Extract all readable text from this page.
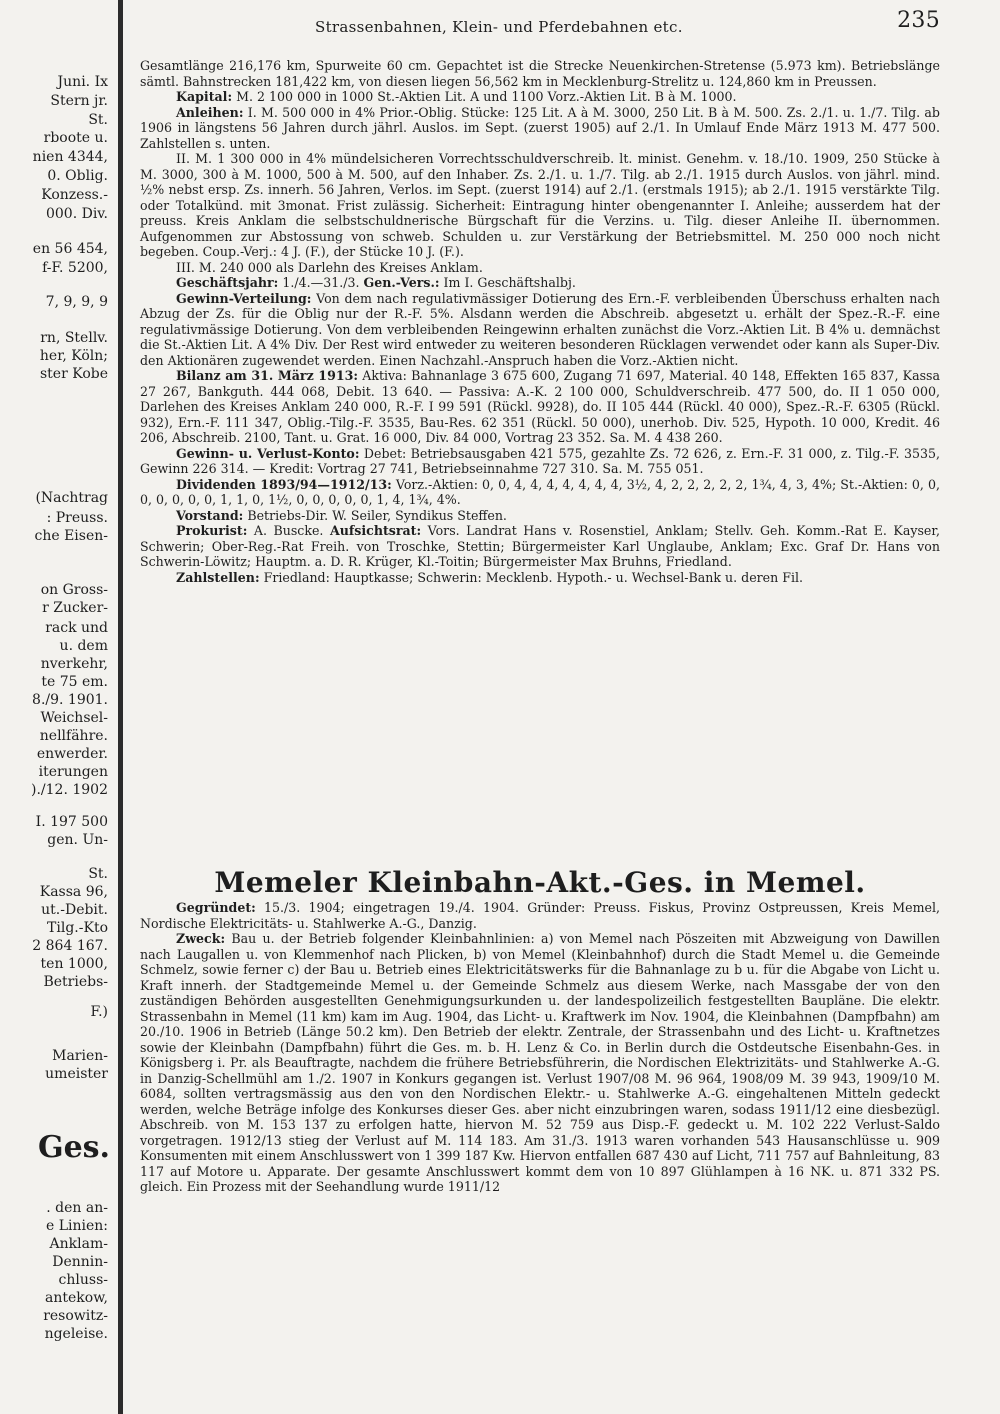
Juni. Ix
Stern jr.
St.
rboote u.
nien 4344,
0. Oblig.
Konzess.-
000. Div.
en 56 454,
f-F. 5200,
7, 9, 9, 9
rn, Stellv.
her, Köln;
ster Kobe
(Nachtrag
: Preuss.
che Eisen-
on Gross-
r Zucker-
rack und
u. dem
nverkehr,
te 75 em.
8./9. 1901.
Weichsel-
nellfähre.
enwerder.
iterungen
)./12. 1902
I. 197 500
gen. Un-
St.
Kassa 96,
ut.-Debit.
Tilg.-Kto
2 864 167.
ten 1000,
Betriebs-
F.)
Marien-
umeister
Ges.
. den an-
e Linien:
Anklam-
Dennin-
chluss-
antekow,
resowitz-
ngeleise.
Strassenbahnen, Klein- und Pferdebahnen etc.	235

Gesamtlänge 216,176 km, Spurweite 60 cm. Gepachtet ist die Strecke Neuenkirchen-Stretense (5.973 km). Betriebslänge sämtl. Bahnstrecken 181,422 km, von diesen liegen 56,562 km in Mecklenburg-Strelitz u. 124,860 km in Preussen.

Kapital: M. 2 100 000 in 1000 St.-Aktien Lit. A und 1100 Vorz.-Aktien Lit. B à M. 1000.

Anleihen: I. M. 500 000 in 4% Prior.-Oblig. Stücke: 125 Lit. A à M. 3000, 250 Lit. B à M. 500. Zs. 2./1. u. 1./7. Tilg. ab 1906 in längstens 56 Jahren durch jährl. Auslos. im Sept. (zuerst 1905) auf 2./1. In Umlauf Ende März 1913 M. 477 500. Zahlstellen s. unten.

II. M. 1 300 000 in 4% mündelsicheren Vorrechtsschuldverschreib. lt. minist. Genehm. v. 18./10. 1909, 250 Stücke à M. 3000, 300 à M. 1000, 500 à M. 500, auf den Inhaber. Zs. 2./1. u. 1./7. Tilg. ab 2./1. 1915 durch Auslos. von jährl. mind. ½% nebst ersp. Zs. innerh. 56 Jahren, Verlos. im Sept. (zuerst 1914) auf 2./1. (erstmals 1915); ab 2./1. 1915 verstärkte Tilg. oder Totalkünd. mit 3monat. Frist zulässig. Sicherheit: Eintragung hinter obengenannter I. Anleihe; ausserdem hat der preuss. Kreis Anklam die selbstschuldnerische Bürgschaft für die Verzins. u. Tilg. dieser Anleihe II. übernommen. Aufgenommen zur Abstossung von schweb. Schulden u. zur Verstärkung der Betriebsmittel. M. 250 000 noch nicht begeben. Coup.-Verj.: 4 J. (F.), der Stücke 10 J. (F.).

III. M. 240 000 als Darlehn des Kreises Anklam.

Geschäftsjahr: 1./4.—31./3. Gen.-Vers.: Im I. Geschäftshalbj.

Gewinn-Verteilung: Von dem nach regulativmässiger Dotierung des Ern.-F. verbleibenden Überschuss erhalten nach Abzug der Zs. für die Oblig nur der R.-F. 5%. Alsdann werden die Abschreib. abgesetzt u. erhält der Spez.-R.-F. eine regulativmässige Dotierung. Von dem verbleibenden Reingewinn erhalten zunächst die Vorz.-Aktien Lit. B 4% u. demnächst die St.-Aktien Lit. A 4% Div. Der Rest wird entweder zu weiteren besonderen Rücklagen verwendet oder kann als Super-Div. den Aktionären zugewendet werden. Einen Nachzahl.-Anspruch haben die Vorz.-Aktien nicht.

Bilanz am 31. März 1913: Aktiva: Bahnanlage 3 675 600, Zugang 71 697, Material. 40 148, Effekten 165 837, Kassa 27 267, Bankguth. 444 068, Debit. 13 640. — Passiva: A.-K. 2 100 000, Schuldverschreib. 477 500, do. II 1 050 000, Darlehen des Kreises Anklam 240 000, R.-F. I 99 591 (Rückl. 9928), do. II 105 444 (Rückl. 40 000), Spez.-R.-F. 6305 (Rückl. 932), Ern.-F. 111 347, Oblig.-Tilg.-F. 3535, Bau-Res. 62 351 (Rückl. 50 000), unerhob. Div. 525, Hypoth. 10 000, Kredit. 46 206, Abschreib. 2100, Tant. u. Grat. 16 000, Div. 84 000, Vortrag 23 352. Sa. M. 4 438 260.

Gewinn- u. Verlust-Konto: Debet: Betriebsausgaben 421 575, gezahlte Zs. 72 626, z. Ern.-F. 31 000, z. Tilg.-F. 3535, Gewinn 226 314. — Kredit: Vortrag 27 741, Betriebseinnahme 727 310. Sa. M. 755 051.

Dividenden 1893/94—1912/13: Vorz.-Aktien: 0, 0, 4, 4, 4, 4, 4, 4, 4, 3½, 4, 2, 2, 2, 2, 2, 1¾, 4, 3, 4%; St.-Aktien: 0, 0, 0, 0, 0, 0, 0, 1, 1, 0, 1½, 0, 0, 0, 0, 0, 1, 4, 1¾, 4%.

Vorstand: Betriebs-Dir. W. Seiler, Syndikus Steffen.

Prokurist: A. Buscke. Aufsichtsrat: Vors. Landrat Hans v. Rosenstiel, Anklam; Stellv. Geh. Komm.-Rat E. Kayser, Schwerin; Ober-Reg.-Rat Freih. von Troschke, Stettin; Bürgermeister Karl Unglaube, Anklam; Exc. Graf Dr. Hans von Schwerin-Löwitz; Hauptm. a. D. R. Krüger, Kl.-Toitin; Bürgermeister Max Bruhns, Friedland.

Zahlstellen: Friedland: Hauptkasse; Schwerin: Mecklenb. Hypoth.- u. Wechsel-Bank u. deren Fil.

Memeler Kleinbahn-Akt.-Ges. in Memel.

Gegründet: 15./3. 1904; eingetragen 19./4. 1904. Gründer: Preuss. Fiskus, Provinz Ostpreussen, Kreis Memel, Nordische Elektricitäts- u. Stahlwerke A.-G., Danzig.

Zweck: Bau u. der Betrieb folgender Kleinbahnlinien: a) von Memel nach Pöszeiten mit Abzweigung von Dawillen nach Laugallen u. von Klemmenhof nach Plicken, b) von Memel (Kleinbahnhof) durch die Stadt Memel u. die Gemeinde Schmelz, sowie ferner c) der Bau u. Betrieb eines Elektricitätswerks für die Bahnanlage zu b u. für die Abgabe von Licht u. Kraft innerh. der Stadtgemeinde Memel u. der Gemeinde Schmelz aus diesem Werke, nach Massgabe der von den zuständigen Behörden ausgestellten Genehmigungsurkunden u. der landespolizeilich festgestellten Baupläne. Die elektr. Strassenbahn in Memel (11 km) kam im Aug. 1904, das Licht- u. Kraftwerk im Nov. 1904, die Kleinbahnen (Dampfbahn) am 20./10. 1906 in Betrieb (Länge 50.2 km). Den Betrieb der elektr. Zentrale, der Strassenbahn und des Licht- u. Kraftnetzes sowie der Kleinbahn (Dampfbahn) führt die Ges. m. b. H. Lenz & Co. in Berlin durch die Ostdeutsche Eisenbahn-Ges. in Königsberg i. Pr. als Beauftragte, nachdem die frühere Betriebsführerin, die Nordischen Elektrizitäts- und Stahlwerke A.-G. in Danzig-Schellmühl am 1./2. 1907 in Konkurs gegangen ist. Verlust 1907/08 M. 96 964, 1908/09 M. 39 943, 1909/10 M. 6084, sollten vertragsmässig aus den von den Nordischen Elektr.- u. Stahlwerke A.-G. eingehaltenen Mitteln gedeckt werden, welche Beträge infolge des Konkurses dieser Ges. aber nicht einzubringen waren, sodass 1911/12 eine diesbezügl. Abschreib. von M. 153 137 zu erfolgen hatte, hiervon M. 52 759 aus Disp.-F. gedeckt u. M. 102 222 Verlust-Saldo vorgetragen. 1912/13 stieg der Verlust auf M. 114 183. Am 31./3. 1913 waren vorhanden 543 Hausanschlüsse u. 909 Konsumenten mit einem Anschlusswert von 1 399 187 Kw. Hiervon entfallen 687 430 auf Licht, 711 757 auf Bahnleitung, 83 117 auf Motore u. Apparate. Der gesamte Anschlusswert kommt dem von 10 897 Glühlampen à 16 NK. u. 871 332 PS. gleich. Ein Prozess mit der Seehandlung wurde 1911/12
